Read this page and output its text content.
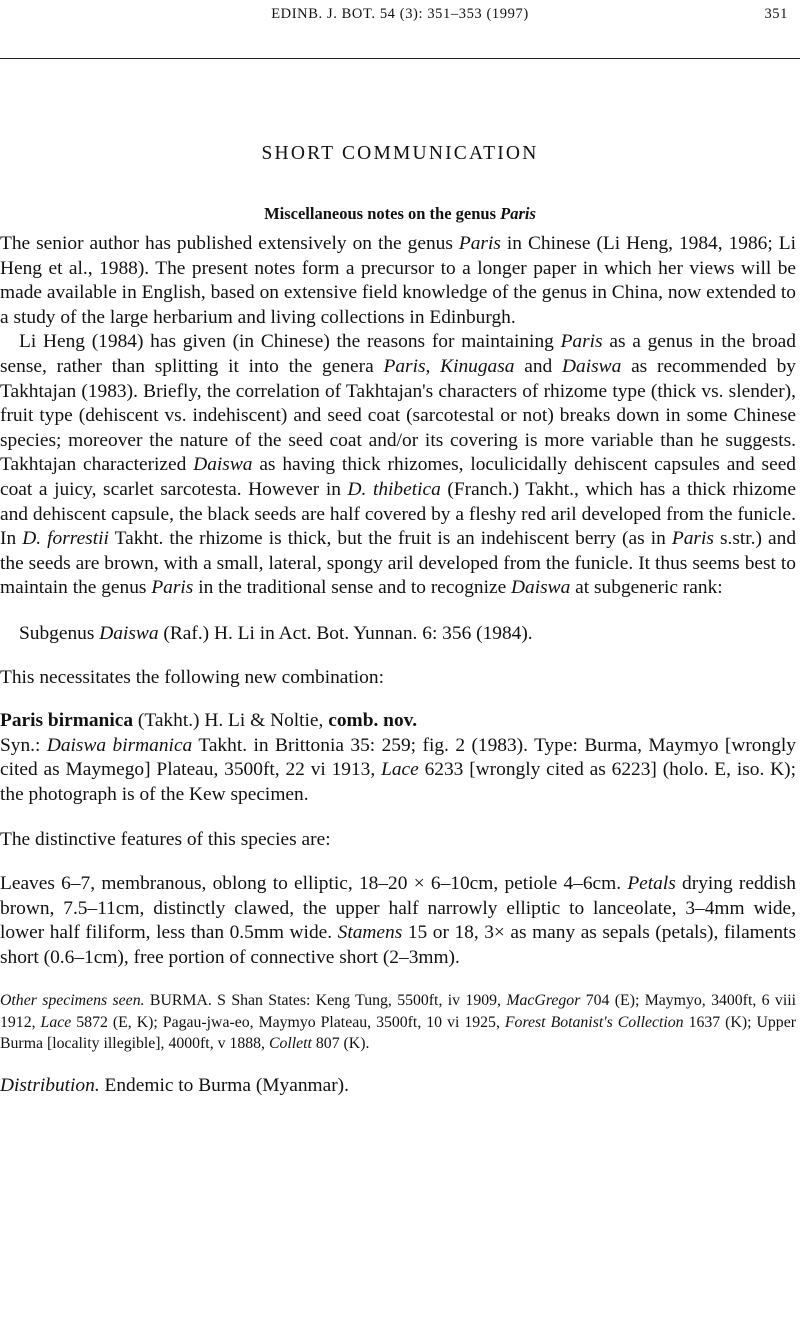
EDINB. J. BOT. 54 (3): 351–353 (1997)	351
SHORT COMMUNICATION
Miscellaneous notes on the genus Paris

The senior author has published extensively on the genus Paris in Chinese (Li Heng, 1984, 1986; Li Heng et al., 1988). The present notes form a precursor to a longer paper in which her views will be made available in English, based on extensive field knowledge of the genus in China, now extended to a study of the large herbarium and living collections in Edinburgh.

Li Heng (1984) has given (in Chinese) the reasons for maintaining Paris as a genus in the broad sense, rather than splitting it into the genera Paris, Kinugasa and Daiswa as recommended by Takhtajan (1983). Briefly, the correlation of Takhtajan's characters of rhizome type (thick vs. slender), fruit type (dehiscent vs. indehiscent) and seed coat (sarcotestal or not) breaks down in some Chinese species; moreover the nature of the seed coat and/or its covering is more variable than he suggests. Takhtajan characterized Daiswa as having thick rhizomes, loculicidally dehiscent capsules and seed coat a juicy, scarlet sarcotesta. However in D. thibetica (Franch.) Takht., which has a thick rhizome and dehiscent capsule, the black seeds are half covered by a fleshy red aril developed from the funicle. In D. forrestii Takht. the rhizome is thick, but the fruit is an indehiscent berry (as in Paris s.str.) and the seeds are brown, with a small, lateral, spongy aril developed from the funicle. It thus seems best to maintain the genus Paris in the traditional sense and to recognize Daiswa at subgeneric rank:

Subgenus Daiswa (Raf.) H. Li in Act. Bot. Yunnan. 6: 356 (1984).

This necessitates the following new combination:

Paris birmanica (Takht.) H. Li & Noltie, comb. nov.

Syn.: Daiswa birmanica Takht. in Brittonia 35: 259; fig. 2 (1983). Type: Burma, Maymyo [wrongly cited as Maymego] Plateau, 3500ft, 22 vi 1913, Lace 6233 [wrongly cited as 6223] (holo. E, iso. K); the photograph is of the Kew specimen.

The distinctive features of this species are:

Leaves 6–7, membranous, oblong to elliptic, 18–20 × 6–10cm, petiole 4–6cm. Petals drying reddish brown, 7.5–11cm, distinctly clawed, the upper half narrowly elliptic to lanceolate, 3–4mm wide, lower half filiform, less than 0.5mm wide. Stamens 15 or 18, 3× as many as sepals (petals), filaments short (0.6–1cm), free portion of connective short (2–3mm).

Other specimens seen. BURMA. S Shan States: Keng Tung, 5500ft, iv 1909, MacGregor 704 (E); Maymyo, 3400ft, 6 viii 1912, Lace 5872 (E, K); Pagau-jwa-eo, Maymyo Plateau, 3500ft, 10 vi 1925, Forest Botanist's Collection 1637 (K); Upper Burma [locality illegible], 4000ft, v 1888, Collett 807 (K).

Distribution. Endemic to Burma (Myanmar).
